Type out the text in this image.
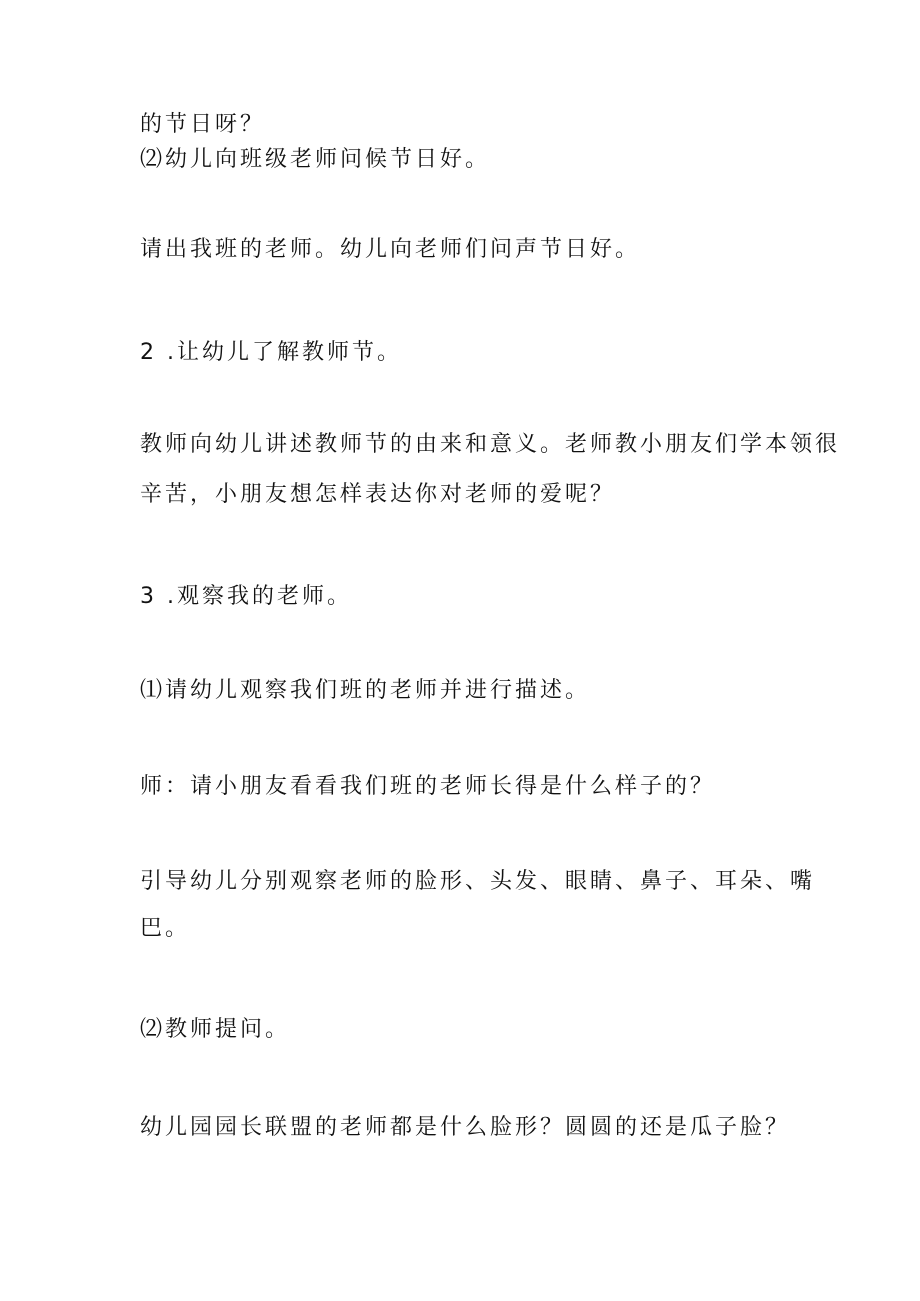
的节日呀？
⑵幼儿向班级老师问候节日好。
请出我班的老师。幼儿向老师们问声节日好。
2 .让幼儿了解教师节。
教师向幼儿讲述教师节的由来和意义。老师教小朋友们学本领很
辛苦，小朋友想怎样表达你对老师的爱呢？
3 .观察我的老师。
⑴请幼儿观察我们班的老师并进行描述。
师：请小朋友看看我们班的老师长得是什么样子的？
引导幼儿分别观察老师的脸形、头发、眼睛、鼻子、耳朵、嘴
巴。
⑵教师提问。
幼儿园园长联盟的老师都是什么脸形？圆圆的还是瓜子脸？
